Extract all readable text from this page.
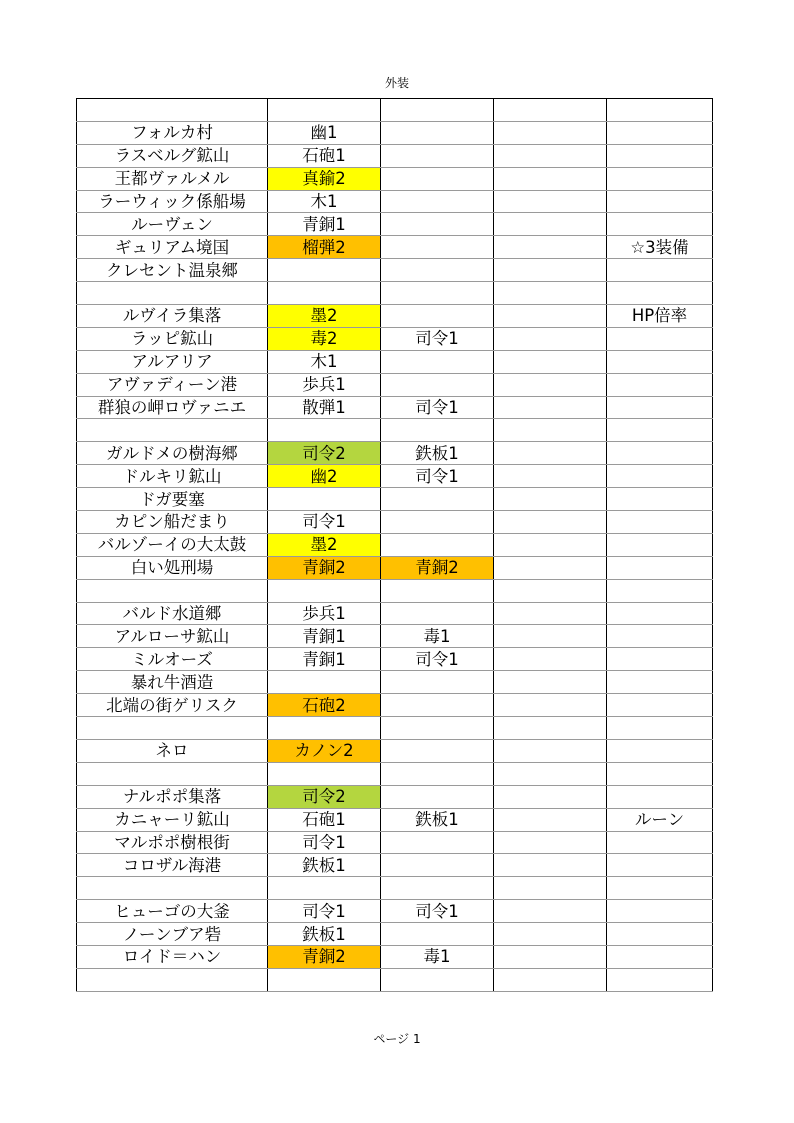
外装

フォルカ村	幽1			
ラスベルグ鉱山	石砲1			
王都ヴァルメル	真鍮2			
ラーウィック係船場	木1			
ルーヴェン	青銅1			
ギュリアム境国	榴弾2			☆3装備
クレセント温泉郷				

ルヴイラ集落	墨2			HP倍率
ラッピ鉱山	毒2	司令1		
アルアリア	木1			
アヴァディーン港	歩兵1			
群狼の岬ロヴァニエ	散弾1	司令1		

ガルドメの樹海郷	司令2	鉄板1		
ドルキリ鉱山	幽2	司令1		
ドガ要塞				
カピン船だまり	司令1			
バルゾーイの大太鼓	墨2			
白い処刑場	青銅2	青銅2		

バルド水道郷	歩兵1			
アルローサ鉱山	青銅1	毒1		
ミルオーズ	青銅1	司令1		
暴れ牛酒造				
北端の街ゲリスク	石砲2			

ネロ	カノン2			

ナルポポ集落	司令2			
カニャーリ鉱山	石砲1	鉄板1		ルーン
マルポポ樹根街	司令1			
コロザル海港	鉄板1			

ヒューゴの大釜	司令1	司令1		
ノーンブア砦	鉄板1			
ロイド＝ハン	青銅2	毒1		

ページ 1
